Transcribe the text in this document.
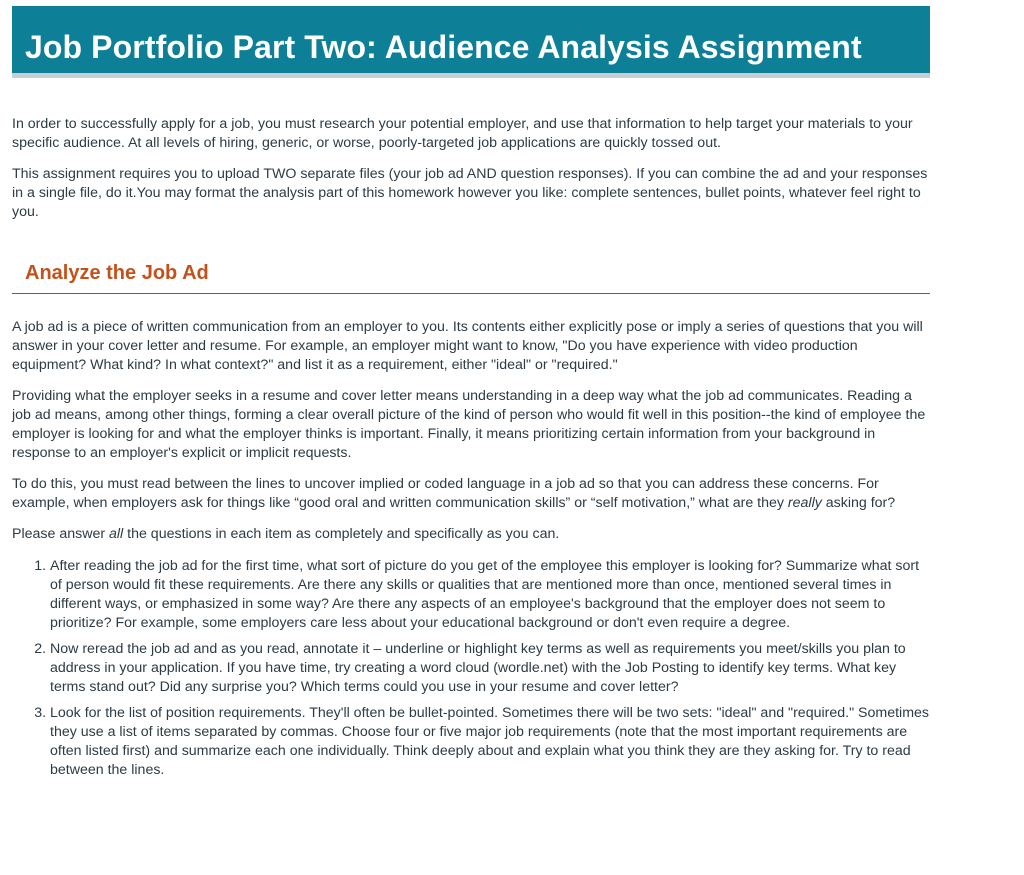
Job Portfolio Part Two: Audience Analysis Assignment

In order to successfully apply for a job, you must research your potential employer, and use that information to help target your materials to your specific audience. At all levels of hiring, generic, or worse, poorly-targeted job applications are quickly tossed out.

This assignment requires you to upload TWO separate files (your job ad AND question responses). If you can combine the ad and your responses in a single file, do it.You may format the analysis part of this homework however you like: complete sentences, bullet points, whatever feel right to you.

Analyze the Job Ad

A job ad is a piece of written communication from an employer to you. Its contents either explicitly pose or imply a series of questions that you will answer in your cover letter and resume. For example, an employer might want to know, "Do you have experience with video production equipment? What kind? In what context?" and list it as a requirement, either "ideal" or "required."

Providing what the employer seeks in a resume and cover letter means understanding in a deep way what the job ad communicates. Reading a job ad means, among other things, forming a clear overall picture of the kind of person who would fit well in this position--the kind of employee the employer is looking for and what the employer thinks is important. Finally, it means prioritizing certain information from your background in response to an employer's explicit or implicit requests.

To do this, you must read between the lines to uncover implied or coded language in a job ad so that you can address these concerns. For example, when employers ask for things like “good oral and written communication skills” or “self motivation,” what are they really asking for?

Please answer all the questions in each item as completely and specifically as you can.

1. After reading the job ad for the first time, what sort of picture do you get of the employee this employer is looking for? Summarize what sort of person would fit these requirements. Are there any skills or qualities that are mentioned more than once, mentioned several times in different ways, or emphasized in some way? Are there any aspects of an employee's background that the employer does not seem to prioritize? For example, some employers care less about your educational background or don't even require a degree.
2. Now reread the job ad and as you read, annotate it – underline or highlight key terms as well as requirements you meet/skills you plan to address in your application. If you have time, try creating a word cloud (wordle.net) with the Job Posting to identify key terms. What key terms stand out? Did any surprise you? Which terms could you use in your resume and cover letter?
3. Look for the list of position requirements. They'll often be bullet-pointed. Sometimes there will be two sets: "ideal" and "required." Sometimes they use a list of items separated by commas. Choose four or five major job requirements (note that the most important requirements are often listed first) and summarize each one individually. Think deeply about and explain what you think they are they asking for. Try to read between the lines.
